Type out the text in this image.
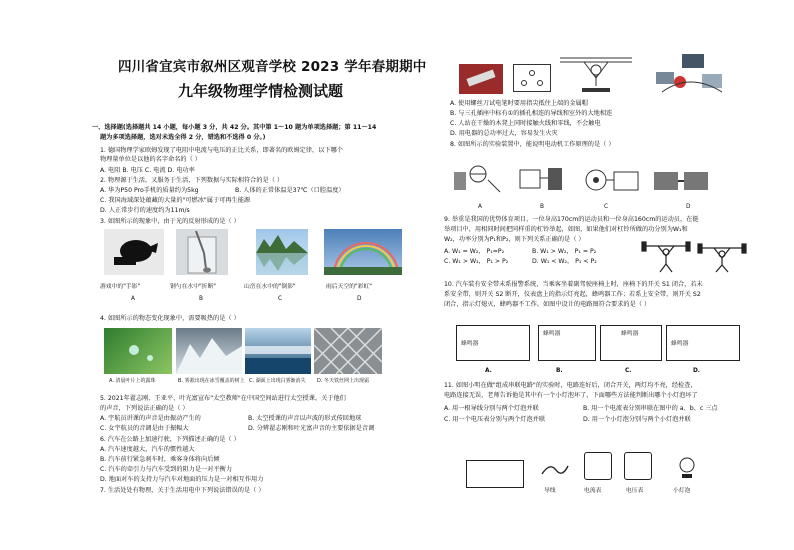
四川省宜宾市叙州区观音学校 2023 学年春期期中
九年级物理学情检测试题
一、选择题(选择题共 14 小题，每小题 3 分，共 42 分。其中第 1～10 题为单项选择题；第 11～14
题为多项选择题，选对未选全得 2 分，错选和不选得 0 分。)
1. 德国物理学家欧姆发现了电阻中电流与电压的正比关系，即著名的欧姆定律，以下哪个
物理量单位是以他的名字命名的（ ）
A. 电阻 B. 电压 C. 电流 D. 电功率
2. 物理源于生活，又服务于生活，下列数据与实际相符合的是（ ）
A. 华为P50 Pro手机的质量约为5kg	B. 人体的正常体温是37℃（口腔温度）
C. 我国海域深处蕴藏的大量的"可燃冰"属于可再生能源
D. 人正常步行的速度约为11m/s
3. 如图所示的现象中，由于光的反射形成的是（ ）
游戏中的"手影"	钢勺在水中"折断"	山峦在水中的"倒影"	雨后天空的"彩虹"
A	B	C	D
4. 如图所示的物态变化现象中，需要吸热的是（ ）
A. 清晨叶片上的露珠	B. 雾凇出现在冰雪覆盖的树上 C. 湖面上出现白雾渐消失 D. 冬天铁丝网上出现霜
5. 2021年翟志刚、王亚平、叶光富宣布"太空教师"在中国空间站进行太空授课。关于他们
的声音，下列说法正确的是（ ）
A. 宇航员讲课的声音是由振动产生的	B. 太空授课的声音以声波的形式传回地球
C. 女宇航员的音调是由于振幅大	D. 分辨翟志刚和叶光富声音的主要依据是音调
6. 汽车在公路上加速行驶，下列描述正确的是（ ）
A. 汽车速度越大，汽车的惯性越大
B. 汽车前行紧急刹车时，乘客身体将向后倾
C. 汽车的牵引力与汽车受到的阻力是一对平衡力
D. 地面对车的支持力与汽车对地面的压力是一对相互作用力
7. 生活处处有物理，关于生活用电中下列说法错误的是（ ）
A. 使用螺丝刀试电笔时要用指尖抵住上端的金属帽
B. 与三孔插座中标有①的插孔相连的导线和室外的大地相连
C. 人站在干燥的木凳上同时接触火线和零线，不会触电
D. 用电器的总功率过大，容易发生火灾
8. 如图所示的实验装置中，能说明电动机工作原理的是（ ）
A	B	C	D
9. 举重是我国的优势体育项目，一位身高170cm的运动员和一位身高160cm的运动员，在挺
举项目中，用相同时间把同样重的杠铃举起，如图，如果他们对杠铃所做的功分别为W₁和
W₂，功率分别为P₁和P₂，则下列关系正确的是（ ）
A. W₁ = W₂， P₁=P₂	B. W₁ > W₂， P₁ = P₂
C. W₁ > W₂， P₁ > P₂	D. W₁ < W₂， P₁ < P₂
10. 汽车装有安全带未系报警系统，当乘客坐着副驾驶座椅上时，座椅下的开关 S1 闭合，若未
系安全带，则开关 S2 断开，仪表盘上的指示灯亮起，蜂鸣器工作；若系上安全带，则开关 S2
闭合，指示灯熄灭，蜂鸣器不工作。如图中设计的电路图符合要求的是（ ）
蜂鸣器
蜂鸣器	蜂鸣器
蜂鸣器
A.	B.	C.	D.
11. 如图小明在做"组成串联电路"的实验时，电路连好后，闭合开关，两灯均不亮，经检查，
电路连接无误，老师告诉他是其中有一个小灯泡坏了，下面哪些方法能判断出哪个小灯泡坏了
A. 用一根导线分别与两个灯泡并联	B. 用一个电流表分别串联在图中的 a、b、c 三点
C. 用一个电压表分别与两个灯泡并联	D. 用一个小灯泡分别与两个小灯泡并联
导线	电流表	电压表	小灯泡
